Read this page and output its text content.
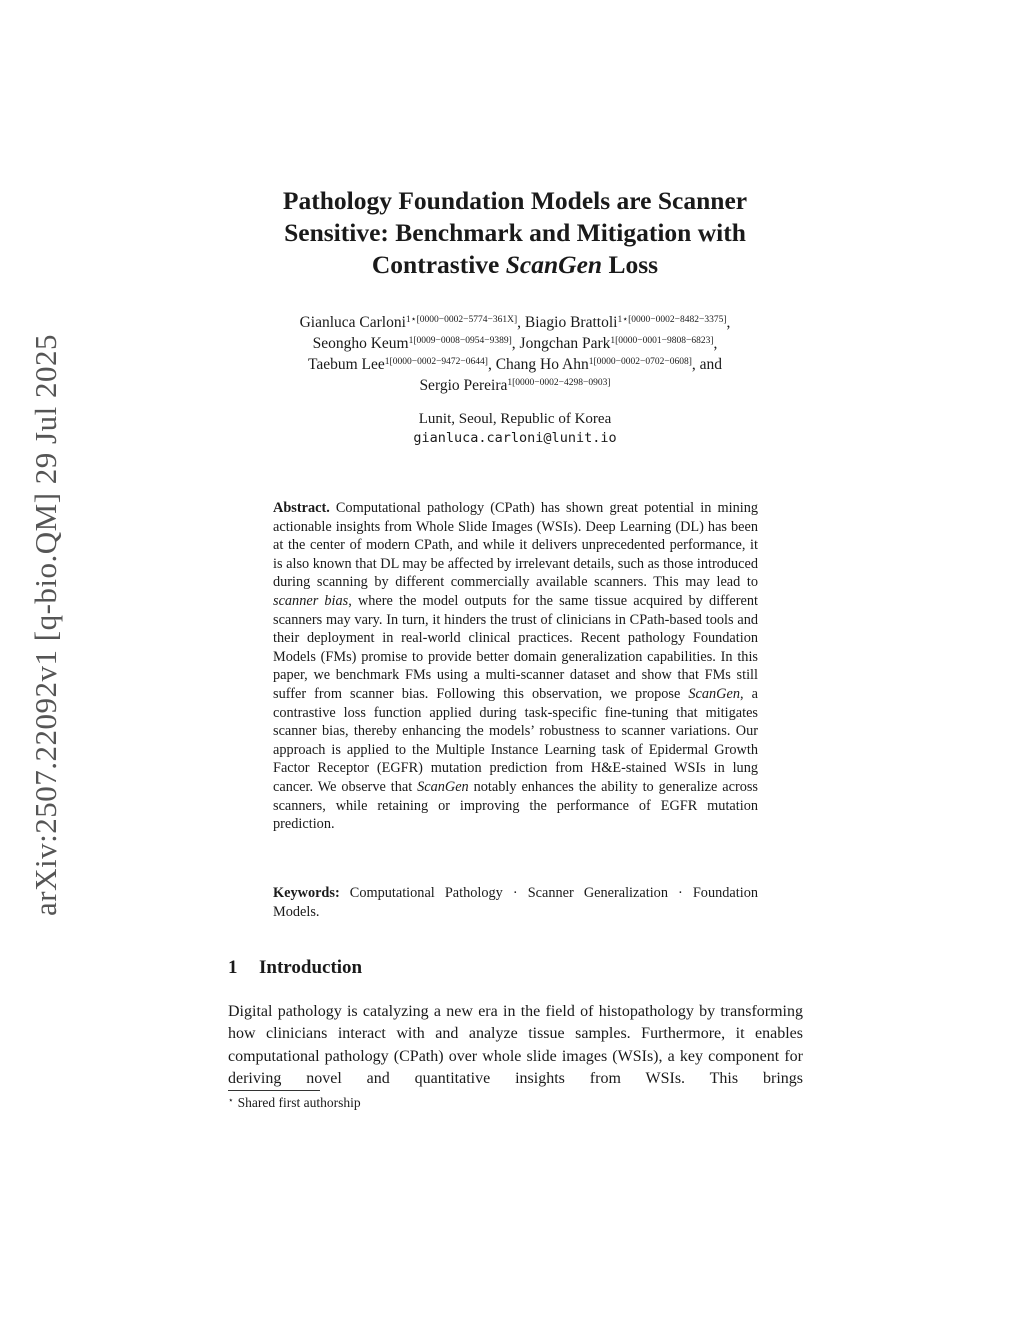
arXiv:2507.22092v1 [q-bio.QM] 29 Jul 2025
Pathology Foundation Models are Scanner
Sensitive: Benchmark and Mitigation with
Contrastive ScanGen Loss
Gianluca Carloni$^{1⋆[0000-0002-5774-361X]}$, Biagio Brattoli$^{1⋆[0000-0002-8482-3375]}$,
Seongho Keum$^{1[0009-0008-0954-9389]}$, Jongchan Park$^{1[0000-0001-9808-6823]}$,
Taebum Lee$^{1[0000-0002-9472-0644]}$, Chang Ho Ahn$^{1[0000-0002-0702-0608]}$, and
Sergio Pereira$^{1[0000-0002-4298-0903]}$
Lunit, Seoul, Republic of Korea
gianluca.carloni@lunit.io
Abstract. Computational pathology (CPath) has shown great potential in mining actionable insights from Whole Slide Images (WSIs). Deep Learning (DL) has been at the center of modern CPath, and while it delivers unprecedented performance, it is also known that DL may be affected by irrelevant details, such as those introduced during scanning by different commercially available scanners. This may lead to scanner bias, where the model outputs for the same tissue acquired by different scanners may vary. In turn, it hinders the trust of clinicians in CPath-based tools and their deployment in real-world clinical practices. Recent pathology Foundation Models (FMs) promise to provide better domain generalization capabilities. In this paper, we benchmark FMs using a multi-scanner dataset and show that FMs still suffer from scanner bias. Following this observation, we propose ScanGen, a contrastive loss function applied during task-specific fine-tuning that mitigates scanner bias, thereby enhancing the models’ robustness to scanner variations. Our approach is applied to the Multiple Instance Learning task of Epidermal Growth Factor Receptor (EGFR) mutation prediction from H&E-stained WSIs in lung cancer. We observe that ScanGen notably enhances the ability to generalize across scanners, while retaining or improving the performance of EGFR mutation prediction.
Keywords: Computational Pathology · Scanner Generalization · Foundation Models.
1 Introduction
Digital pathology is catalyzing a new era in the field of histopathology by transforming how clinicians interact with and analyze tissue samples. Furthermore, it enables computational pathology (CPath) over whole slide images (WSIs), a key component for deriving novel and quantitative insights from WSIs. This brings
⋆ Shared first authorship
